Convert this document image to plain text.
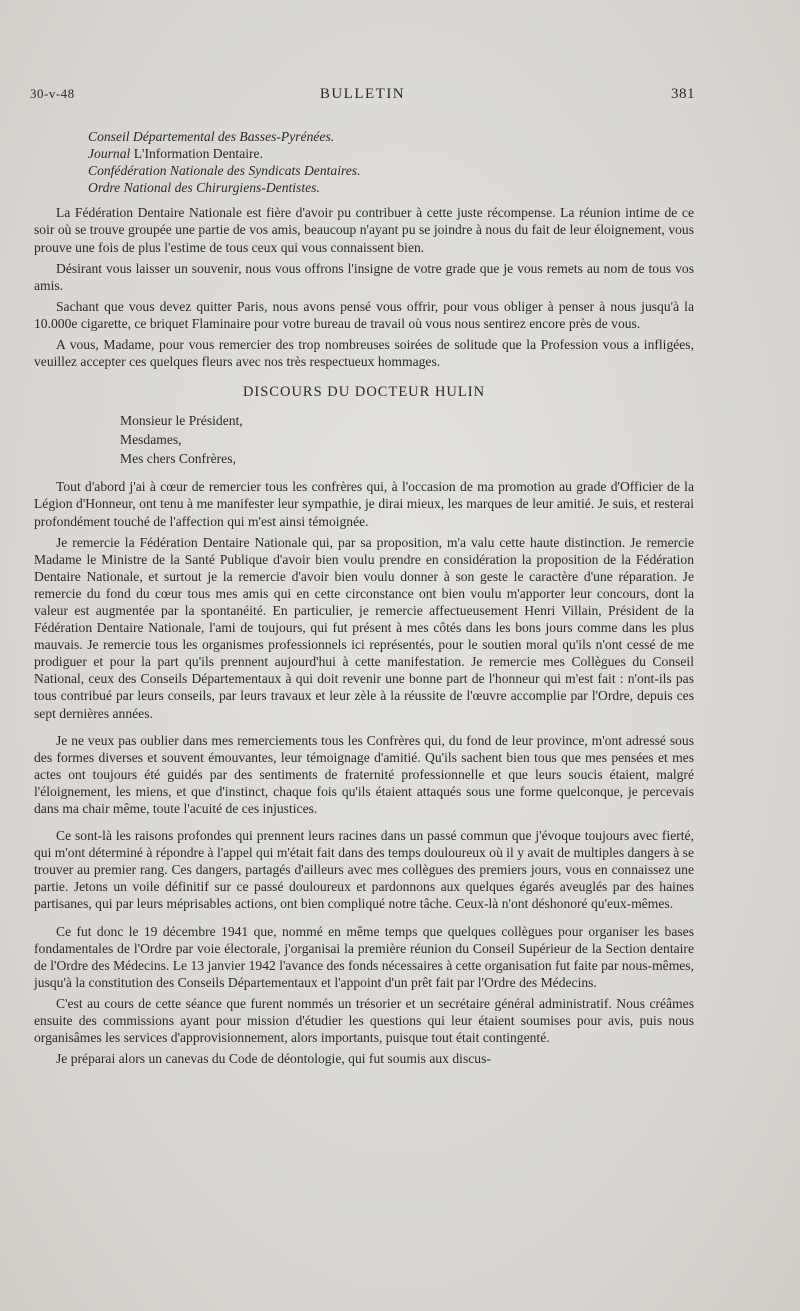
30-v-48	BULLETIN	381
Conseil Départemental des Basses-Pyrénées.
Journal L'Information Dentaire.
Confédération Nationale des Syndicats Dentaires.
Ordre National des Chirurgiens-Dentistes.

La Fédération Dentaire Nationale est fière d'avoir pu contribuer à cette juste récompense. La réunion intime de ce soir où se trouve groupée une partie de vos amis, beaucoup n'ayant pu se joindre à nous du fait de leur éloignement, vous prouve une fois de plus l'estime de tous ceux qui vous connaissent bien.

Désirant vous laisser un souvenir, nous vous offrons l'insigne de votre grade que je vous remets au nom de tous vos amis.

Sachant que vous devez quitter Paris, nous avons pensé vous offrir, pour vous obliger à penser à nous jusqu'à la 10.000e cigarette, ce briquet Flaminaire pour votre bureau de travail où vous nous sentirez encore près de vous.

A vous, Madame, pour vous remercier des trop nombreuses soirées de solitude que la Profession vous a infligées, veuillez accepter ces quelques fleurs avec nos très respectueux hommages.

DISCOURS DU DOCTEUR HULIN
Monsieur le Président,
Mesdames,
Mes chers Confrères,

Tout d'abord j'ai à cœur de remercier tous les confrères qui, à l'occasion de ma promotion au grade d'Officier de la Légion d'Honneur, ont tenu à me manifester leur sympathie, je dirai mieux, les marques de leur amitié. Je suis, et resterai profondément touché de l'affection qui m'est ainsi témoignée.

Je remercie la Fédération Dentaire Nationale qui, par sa proposition, m'a valu cette haute distinction. Je remercie Madame le Ministre de la Santé Publique d'avoir bien voulu prendre en considération la proposition de la Fédération Dentaire Nationale, et surtout je la remercie d'avoir bien voulu donner à son geste le caractère d'une réparation. Je remercie du fond du cœur tous mes amis qui en cette circonstance ont bien voulu m'apporter leur concours, dont la valeur est augmentée par la spontanéité. En particulier, je remercie affectueusement Henri Villain, Président de la Fédération Dentaire Nationale, l'ami de toujours, qui fut présent à mes côtés dans les bons jours comme dans les plus mauvais. Je remercie tous les organismes professionnels ici représentés, pour le soutien moral qu'ils n'ont cessé de me prodiguer et pour la part qu'ils prennent aujourd'hui à cette manifestation. Je remercie mes Collègues du Conseil National, ceux des Conseils Départementaux à qui doit revenir une bonne part de l'honneur qui m'est fait : n'ont-ils pas tous contribué par leurs conseils, par leurs travaux et leur zèle à la réussite de l'œuvre accomplie par l'Ordre, depuis ces sept dernières années.

Je ne veux pas oublier dans mes remerciements tous les Confrères qui, du fond de leur province, m'ont adressé sous des formes diverses et souvent émouvantes, leur témoignage d'amitié. Qu'ils sachent bien tous que mes pensées et mes actes ont toujours été guidés par des sentiments de fraternité professionnelle et que leurs soucis étaient, malgré l'éloignement, les miens, et que d'instinct, chaque fois qu'ils étaient attaqués sous une forme quelconque, je percevais dans ma chair même, toute l'acuité de ces injustices.

Ce sont-là les raisons profondes qui prennent leurs racines dans un passé commun que j'évoque toujours avec fierté, qui m'ont déterminé à répondre à l'appel qui m'était fait dans des temps douloureux où il y avait de multiples dangers à se trouver au premier rang. Ces dangers, partagés d'ailleurs avec mes collègues des premiers jours, vous en connaissez une partie. Jetons un voile définitif sur ce passé douloureux et pardonnons aux quelques égarés aveuglés par des haines partisanes, qui par leurs méprisables actions, ont bien compliqué notre tâche. Ceux-là n'ont déshonoré qu'eux-mêmes.

Ce fut donc le 19 décembre 1941 que, nommé en même temps que quelques collègues pour organiser les bases fondamentales de l'Ordre par voie électorale, j'organisai la première réunion du Conseil Supérieur de la Section dentaire de l'Ordre des Médecins. Le 13 janvier 1942 l'avance des fonds nécessaires à cette organisation fut faite par nous-mêmes, jusqu'à la constitution des Conseils Départementaux et l'appoint d'un prêt fait par l'Ordre des Médecins.

C'est au cours de cette séance que furent nommés un trésorier et un secrétaire général administratif. Nous créâmes ensuite des commissions ayant pour mission d'étudier les questions qui leur étaient soumises pour avis, puis nous organisâmes les services d'approvisionnement, alors importants, puisque tout était contingenté.

Je préparai alors un canevas du Code de déontologie, qui fut soumis aux discus-
